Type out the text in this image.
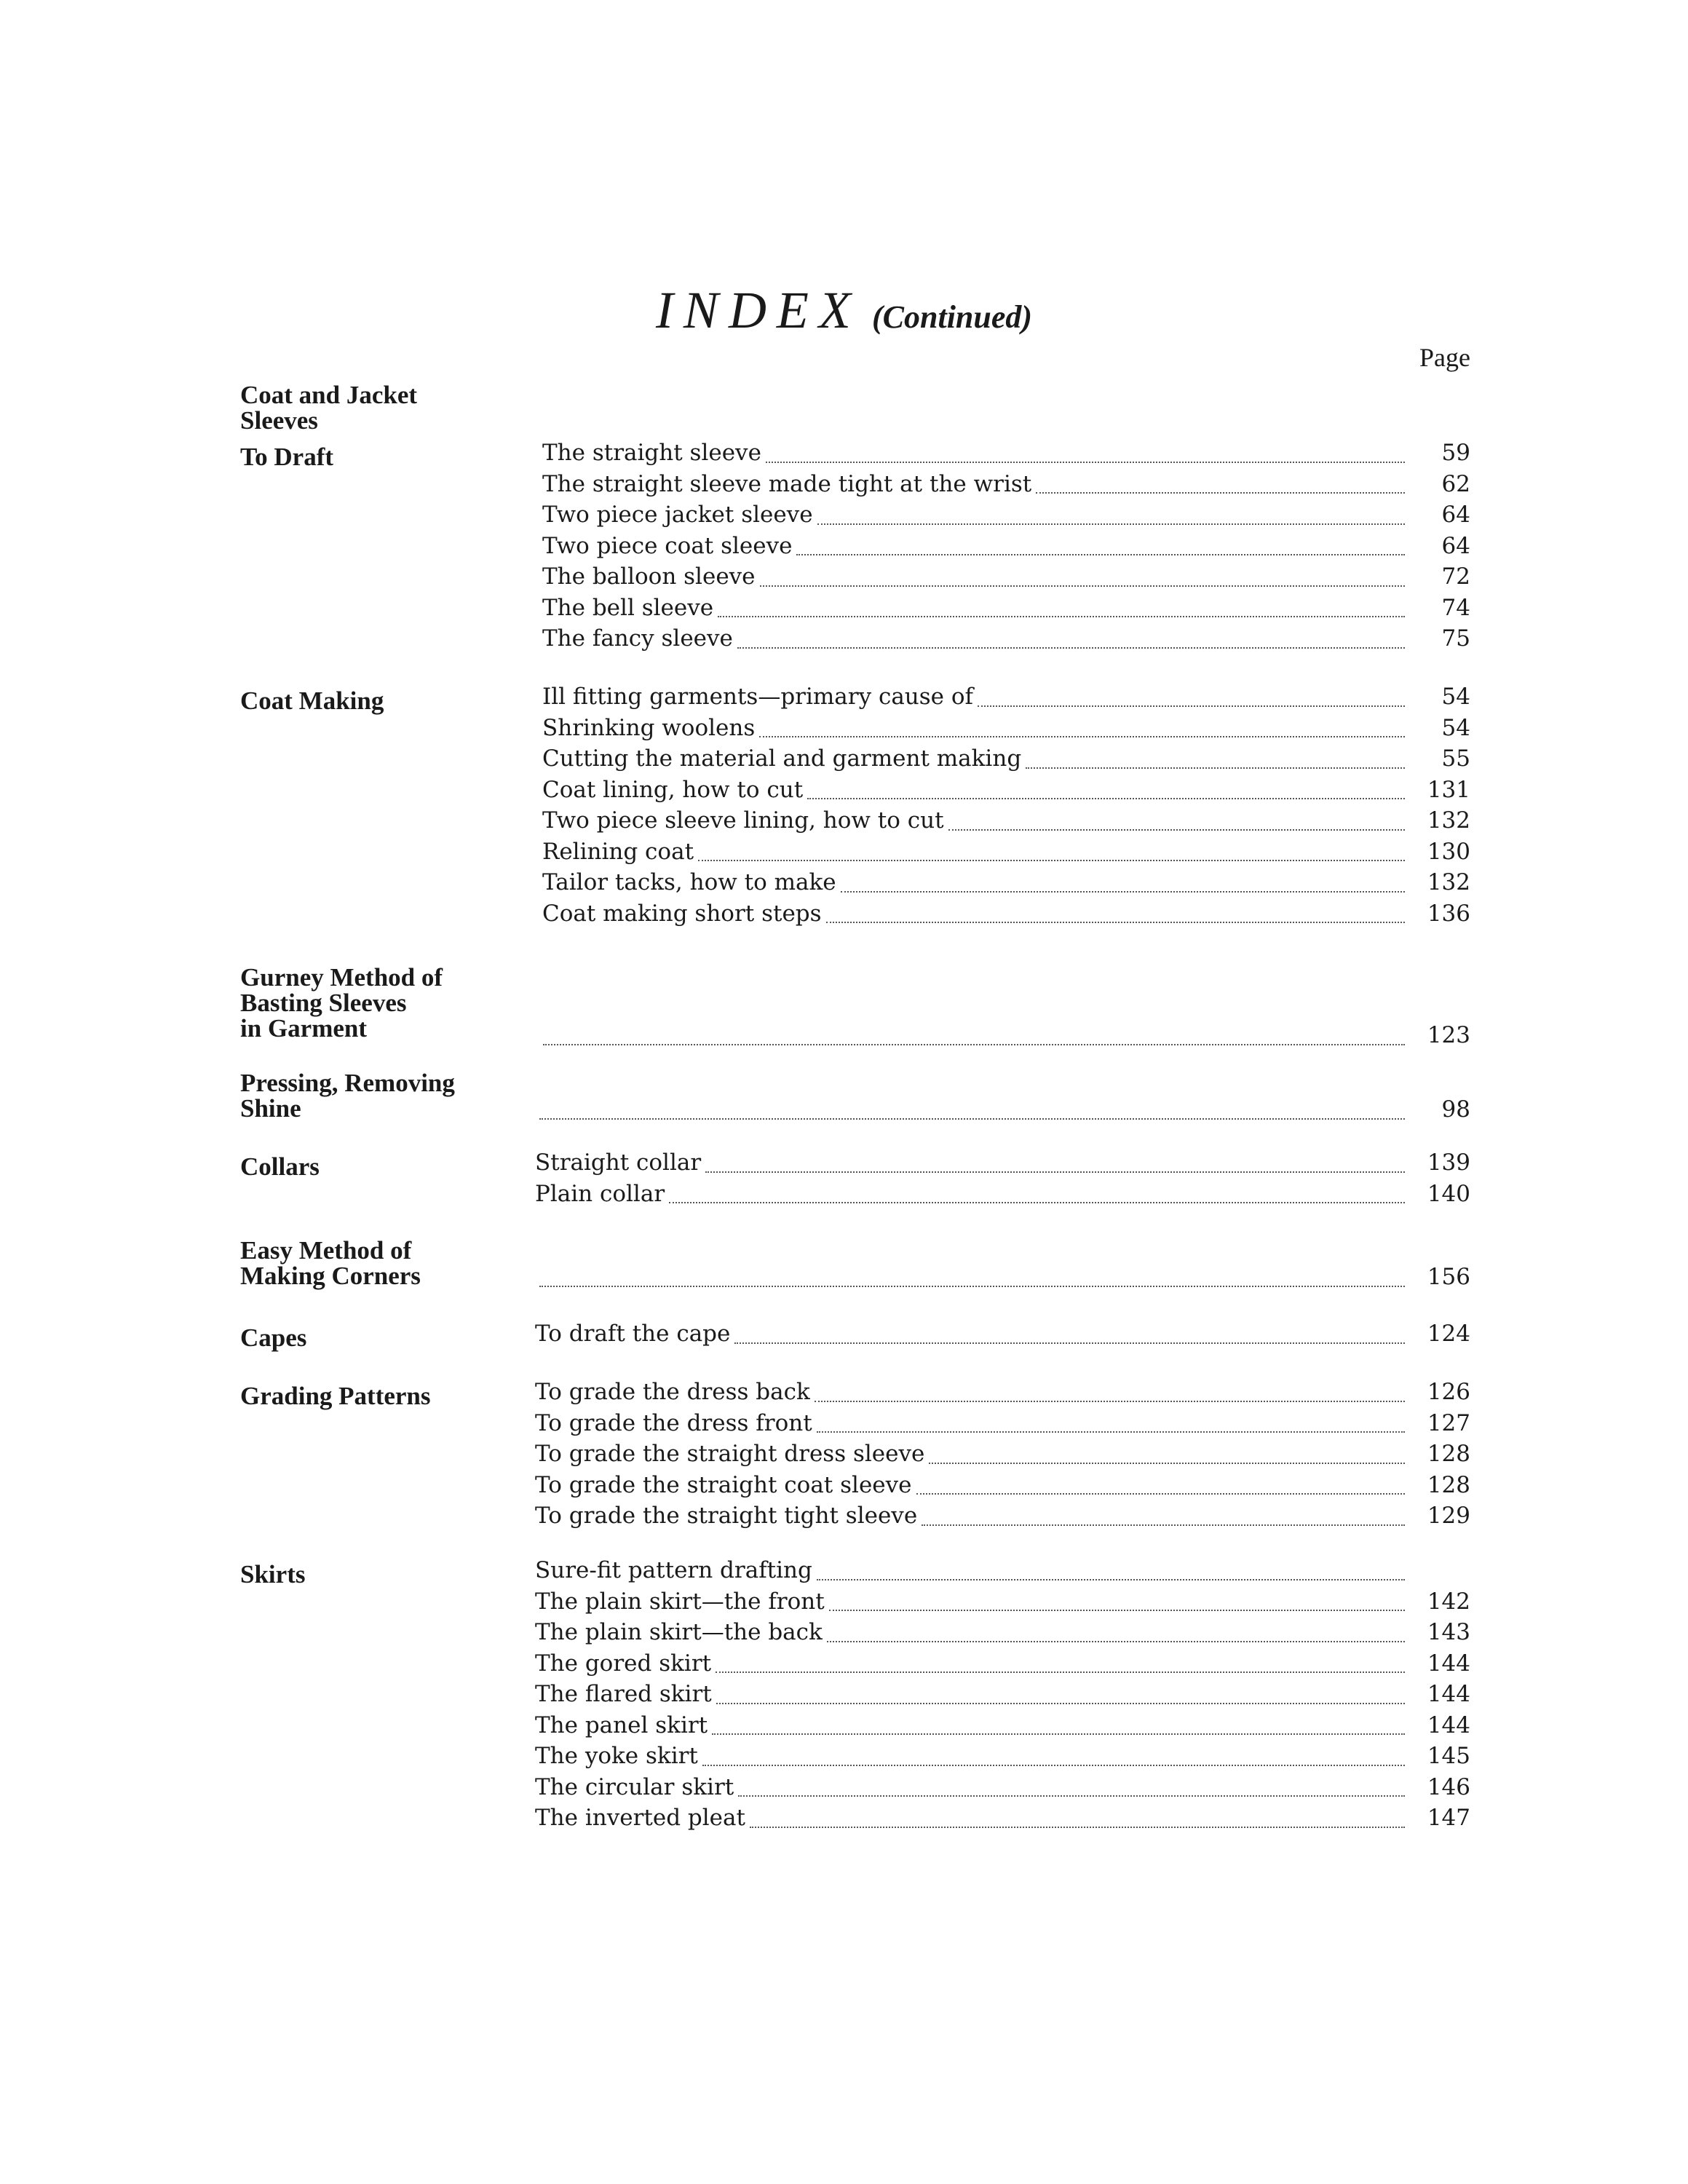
INDEX (Continued)
Page
Coat and Jacket
Sleeves
To Draft	The straight sleeve	59
The straight sleeve made tight at the wrist	62
Two piece jacket sleeve	64
Two piece coat sleeve	64
The balloon sleeve	72
The bell sleeve	74
The fancy sleeve	75
Coat Making	Ill fitting garments—primary cause of	54
Shrinking woolens	54
Cutting the material and garment making	55
Coat lining, how to cut	131
Two piece sleeve lining, how to cut	132
Relining coat	130
Tailor tacks, how to make	132
Coat making short steps	136
Gurney Method of
Basting Sleeves
in Garment	123
Pressing, Removing
Shine	98
Collars	Straight collar	139
Plain collar	140
Easy Method of
Making Corners	156
Capes	To draft the cape	124
Grading Patterns	To grade the dress back	126
To grade the dress front	127
To grade the straight dress sleeve	128
To grade the straight coat sleeve	128
To grade the straight tight sleeve	129
Skirts	Sure-fit pattern drafting
The plain skirt—the front	142
The plain skirt—the back	143
The gored skirt	144
The flared skirt	144
The panel skirt	144
The yoke skirt	145
The circular skirt	146
The inverted pleat	147
